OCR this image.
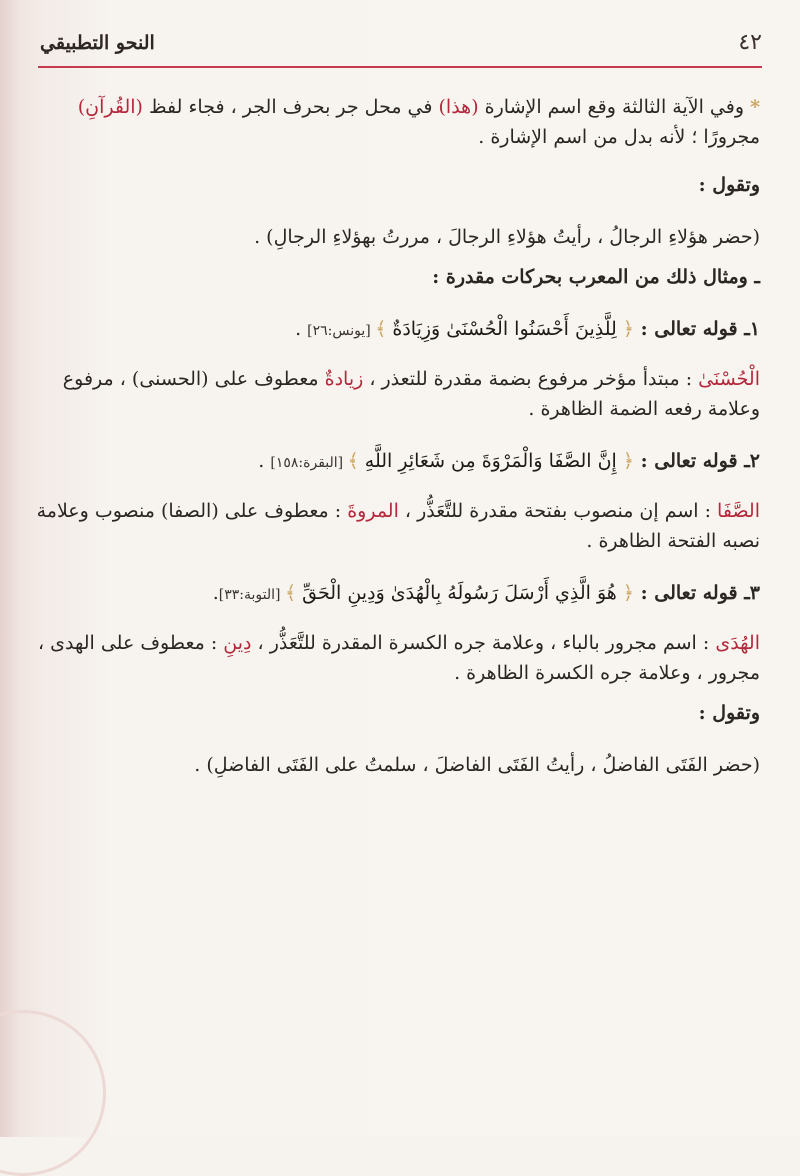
٤٢
النحو التطبيقي

* وفي الآية الثالثة وقع اسم الإشارة (هذا) في محل جر بحرف الجر ، فجاء لفظ (القُرآنِ) مجرورًا ؛ لأنه بدل من اسم الإشارة .

وتقول :

(حضر هؤلاءِ الرجالُ ، رأيتُ هؤلاءِ الرجالَ ، مررتُ بهؤلاءِ الرجالِ) .

ـ ومثال ذلك من المعرب بحركات مقدرة :

١ـ قوله تعالى : ﴿ لِلَّذِينَ أَحْسَنُوا الْحُسْنَىٰ وَزِيَادَةٌ ﴾ [يونس:٢٦] .

الْحُسْنَىٰ : مبتدأ مؤخر مرفوع بضمة مقدرة للتعذر ، زيادةٌ معطوف على (الحسنى) ، مرفوع وعلامة رفعه الضمة الظاهرة .

٢ـ قوله تعالى : ﴿ إِنَّ الصَّفَا وَالْمَرْوَةَ مِن شَعَائِرِ اللَّهِ ﴾ [البقرة:١٥٨] .

الصَّفَا : اسم إن منصوب بفتحة مقدرة للتَّعَذُّر ، المروةَ : معطوف على (الصفا) منصوب وعلامة نصبه الفتحة الظاهرة .

٣ـ قوله تعالى : ﴿ هُوَ الَّذِي أَرْسَلَ رَسُولَهُ بِالْهُدَىٰ وَدِينِ الْحَقِّ ﴾ [التوبة:٣٣].

الهُدَى : اسم مجرور بالباء ، وعلامة جره الكسرة المقدرة للتَّعَذُّر ، دِينِ : معطوف على الهدى ، مجرور ، وعلامة جره الكسرة الظاهرة .

وتقول :

(حضر الفَتَى الفاضلُ ، رأيتُ الفَتَى الفاضلَ ، سلمتُ على الفَتَى الفاضلِ) .
